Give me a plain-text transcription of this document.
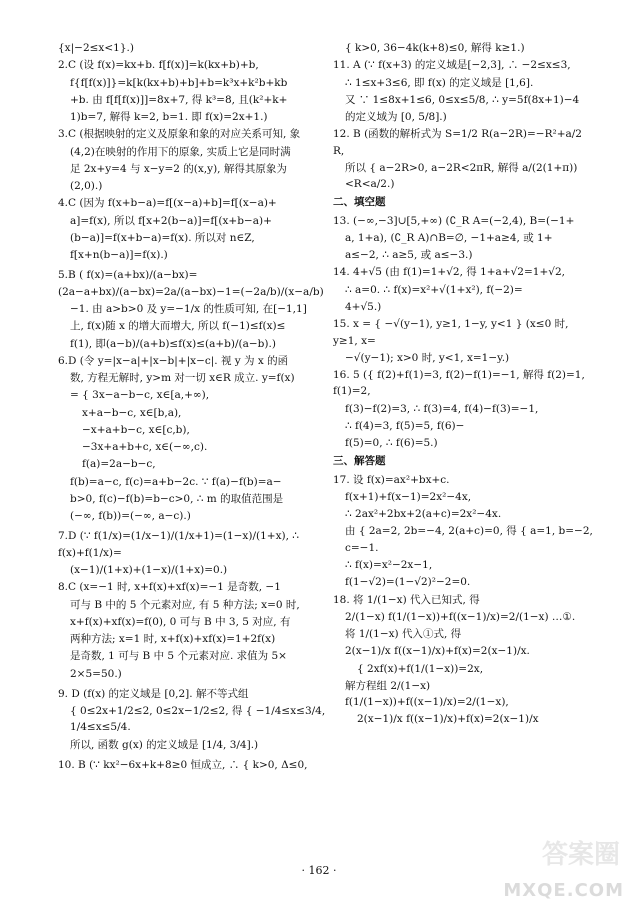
{x|−2≤x<1}.)
2.C (设 f(x)=kx+b. f[f(x)]=k(kx+b)+b,
f{f[f(x)]}=k[k(kx+b)+b]+b=k³x+k²b+kb
+b. 由 f[f[f(x)]]=8x+7, 得 k³=8, 且(k²+k+
1)b=7, 解得 k=2, b=1. 即 f(x)=2x+1.)
3.C (根据映射的定义及原象和象的对应关系可知, 象
(4,2)在映射的作用下的原象, 实质上它是同时满
足 2x+y=4 与 x−y=2 的(x,y), 解得其原象为
(2,0).)
4.C (因为 f(x+b−a)=f[(x−a)+b]=f[(x−a)+
a]=f(x), 所以 f[x+2(b−a)]=f[(x+b−a)+
(b−a)]=f(x+b−a)=f(x). 所以对 n∈Z,
f[x+n(b−a)]=f(x).)
5.B ( f(x)=(a+bx)/(a−bx)=(2a−a+bx)/(a−bx)=2a/(a−bx)−1=(−2a/b)/(x−a/b)
−1. 由 a>b>0 及 y=−1/x 的性质可知, 在[−1,1]
上, f(x)随 x 的增大而增大, 所以 f(−1)≤f(x)≤
f(1), 即(a−b)/(a+b)≤f(x)≤(a+b)/(a−b).)
6.D (令 y=|x−a|+|x−b|+|x−c|. 视 y 为 x 的函
数, 方程无解时, y>m 对一切 x∈R 成立. y=f(x)
= { 3x−a−b−c, x∈[a,+∞),
x+a−b−c, x∈[b,a),
−x+a+b−c, x∈[c,b),
−3x+a+b+c, x∈(−∞,c).
f(a)=2a−b−c,
f(b)=a−c, f(c)=a+b−2c. ∵ f(a)−f(b)=a−
b>0, f(c)−f(b)=b−c>0, ∴ m 的取值范围是
(−∞, f(b))=(−∞, a−c).)
7.D (∵ f(1/x)=(1/x−1)/(1/x+1)=(1−x)/(1+x), ∴ f(x)+f(1/x)=
(x−1)/(1+x)+(1−x)/(1+x)=0.)
8.C (x=−1 时, x+f(x)+xf(x)=−1 是奇数, −1
可与 B 中的 5 个元素对应, 有 5 种方法; x=0 时,
x+f(x)+xf(x)=f(0), 0 可与 B 中 3, 5 对应, 有
两种方法; x=1 时, x+f(x)+xf(x)=1+2f(x)
是奇数, 1 可与 B 中 5 个元素对应. 求值为 5×
2×5=50.)
9. D (f(x) 的定义域是 [0,2]. 解不等式组
{ 0≤2x+1/2≤2, 0≤2x−1/2≤2, 得 { −1/4≤x≤3/4, 1/4≤x≤5/4.
所以, 函数 g(x) 的定义域是 [1/4, 3/4].)
10. B (∵ kx²−6x+k+8≥0 恒成立, ∴ { k>0, Δ≤0,
{ k>0, 36−4k(k+8)≤0, 解得 k≥1.)
11. A (∵ f(x+3) 的定义域是[−2,3], ∴ −2≤x≤3,
∴ 1≤x+3≤6, 即 f(x) 的定义域是 [1,6].
又 ∵ 1≤8x+1≤6, 0≤x≤5/8, ∴ y=5f(8x+1)−4
的定义域为 [0, 5/8].)
12. B (函数的解析式为 S=1/2 R(a−2R)=−R²+a/2 R,
所以 { a−2R>0, a−2R<2πR, 解得 a/(2(1+π))<R<a/2.)
二、填空题
13. (−∞,−3]∪[5,+∞) (∁_R A=(−2,4), B=(−1+
a, 1+a), (∁_R A)∩B=∅, −1+a≥4, 或 1+
a≤−2, ∴ a≥5, 或 a≤−3.)
14. 4+√5 (由 f(1)=1+√2, 得 1+a+√2=1+√2,
∴ a=0. ∴ f(x)=x²+√(1+x²), f(−2)=
4+√5.)
15. x = { −√(y−1), y≥1, 1−y, y<1 } (x≤0 时, y≥1, x=
−√(y−1); x>0 时, y<1, x=1−y.)
16. 5 ({ f(2)+f(1)=3, f(2)−f(1)=−1, 解得 f(2)=1, f(1)=2,
f(3)−f(2)=3, ∴ f(3)=4, f(4)−f(3)=−1,
∴ f(4)=3, f(5)=5, f(6)−
f(5)=0, ∴ f(6)=5.)
三、解答题
17. 设 f(x)=ax²+bx+c.
f(x+1)+f(x−1)=2x²−4x,
∴ 2ax²+2bx+2(a+c)=2x²−4x.
由 { 2a=2, 2b=−4, 2(a+c)=0, 得 { a=1, b=−2, c=−1.
∴ f(x)=x²−2x−1,
f(1−√2)=(1−√2)²−2=0.
18. 将 1/(1−x) 代入已知式, 得
2/(1−x) f(1/(1−x))+f((x−1)/x)=2/(1−x) …①.
将 1/(1−x) 代入①式, 得
2(x−1)/x f((x−1)/x)+f(x)=2(x−1)/x.
{ 2xf(x)+f(1/(1−x))=2x,
解方程组 2/(1−x) f(1/(1−x))+f((x−1)/x)=2/(1−x),
2(x−1)/x f((x−1)/x)+f(x)=2(x−1)/x
· 162 ·
答案圈
MXQE.COM
